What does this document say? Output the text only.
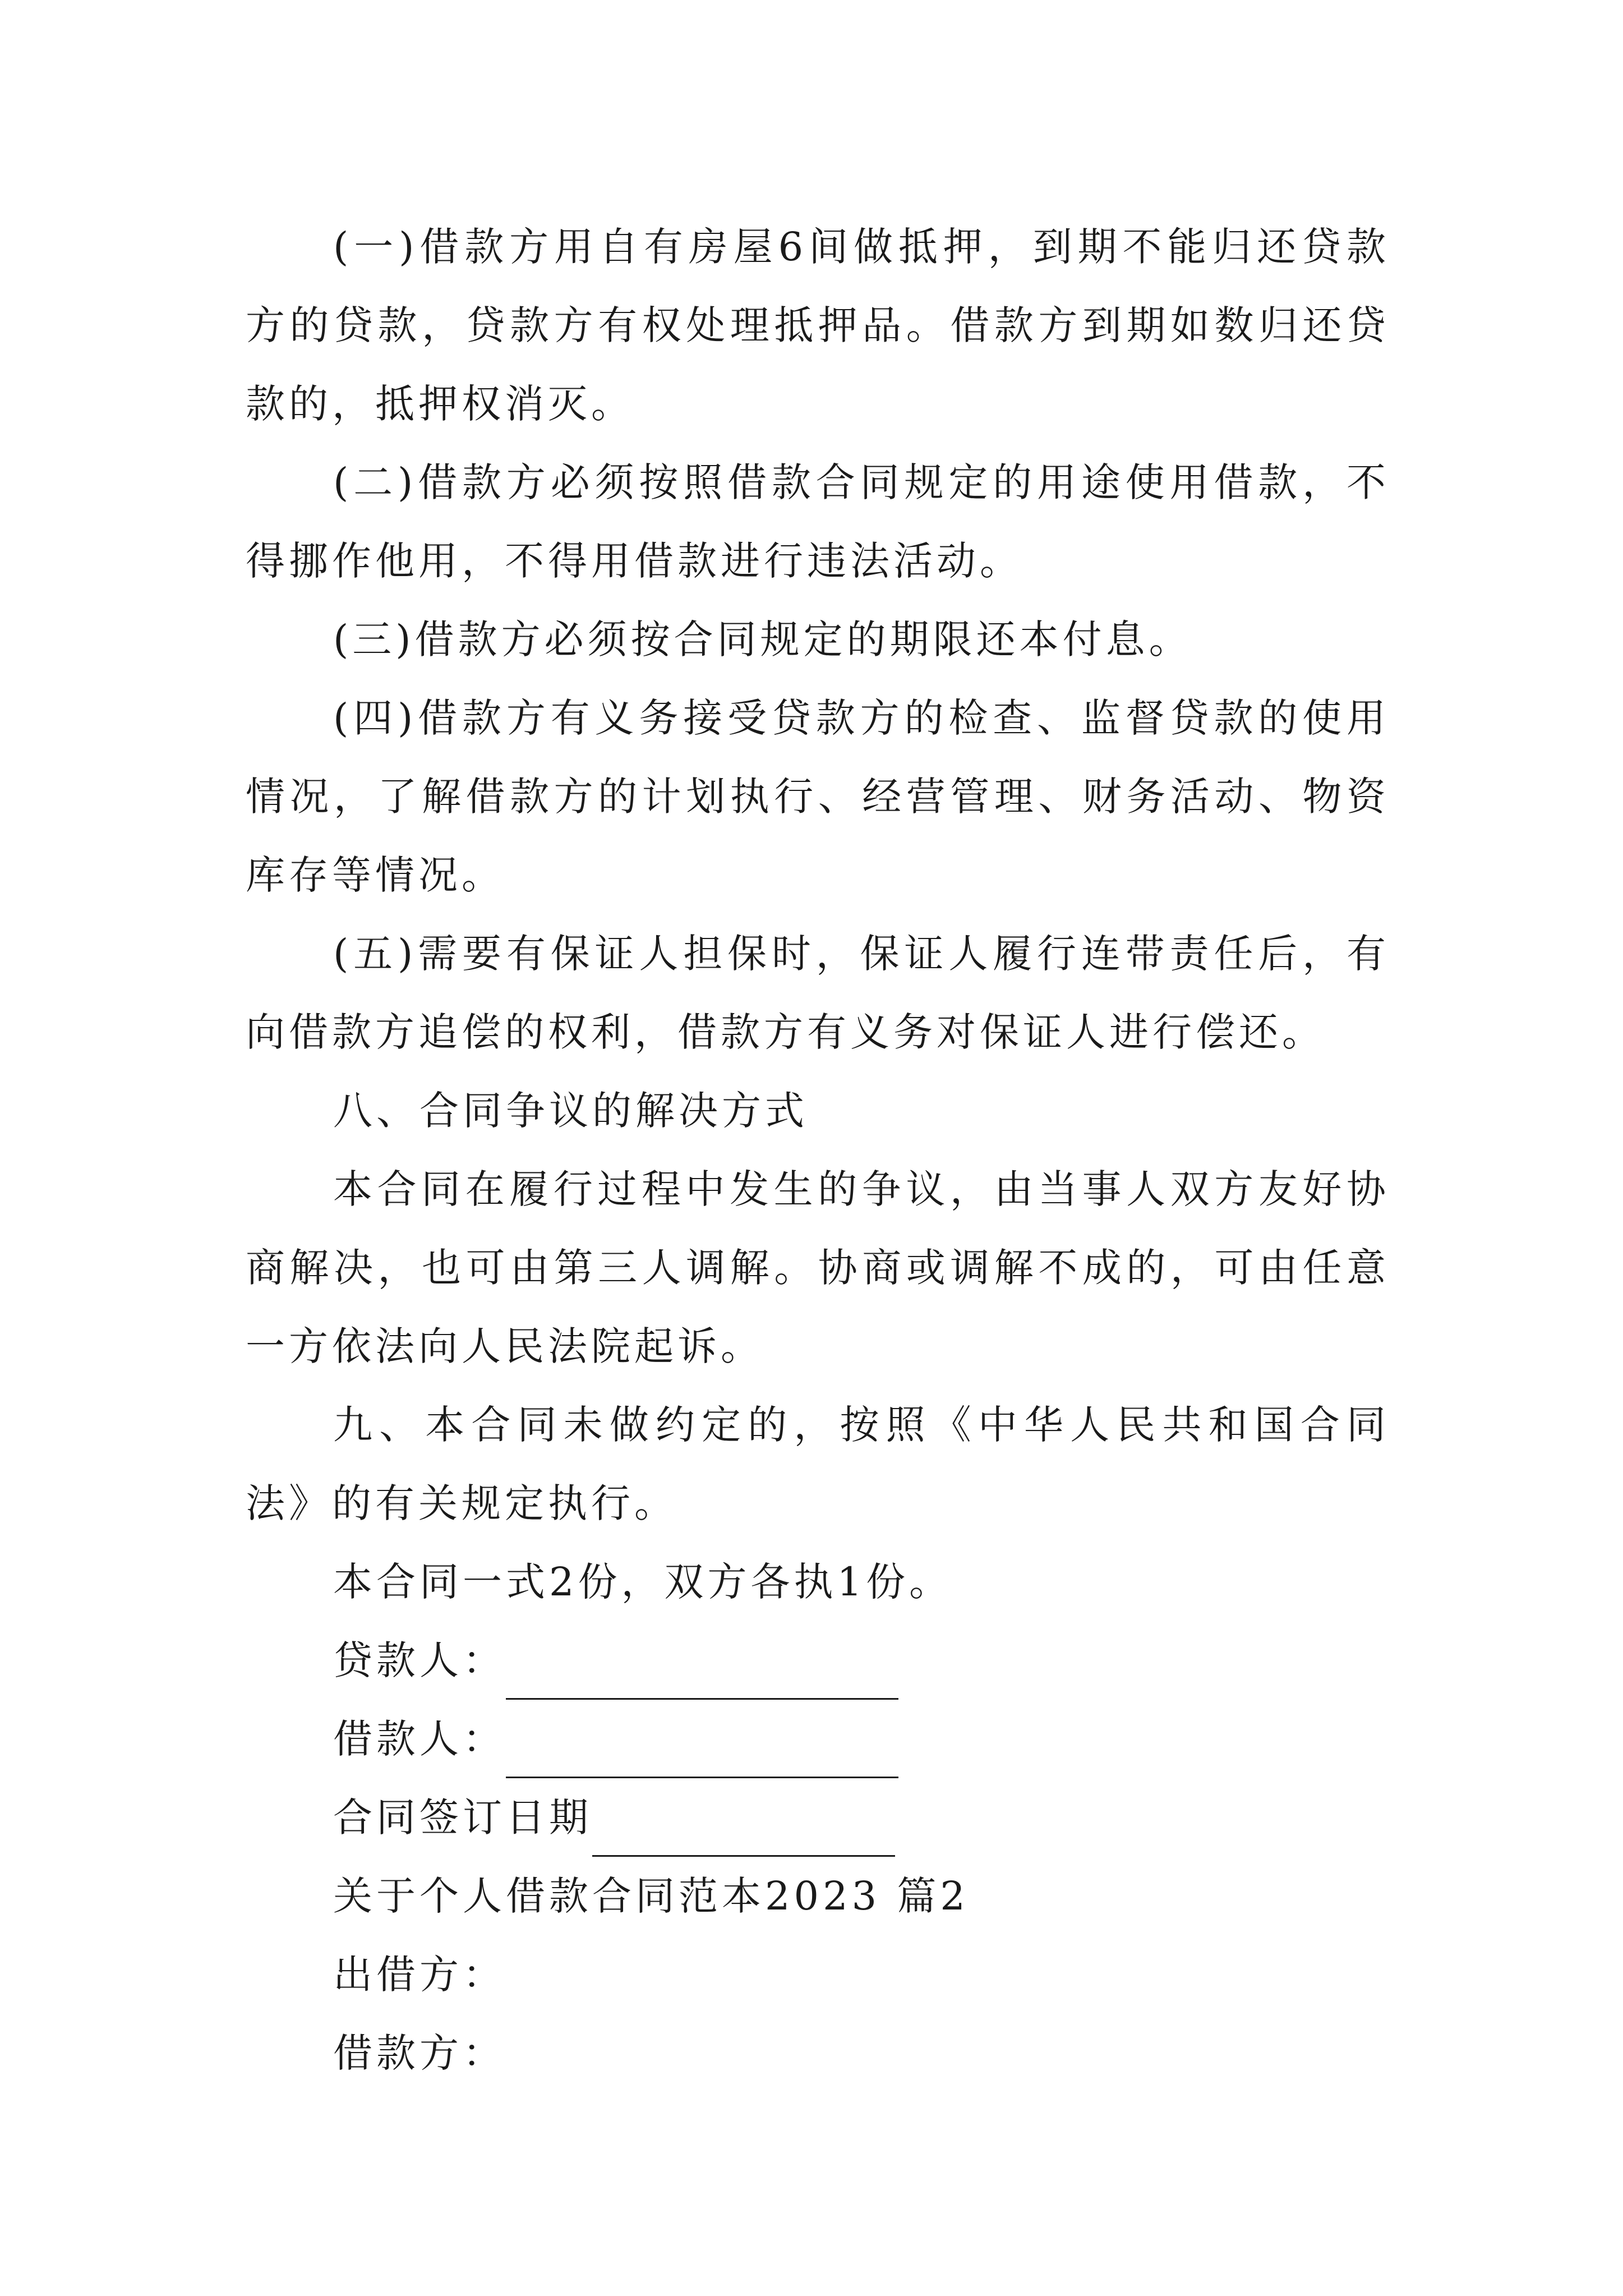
(一)借款方用自有房屋6间做抵押，到期不能归还贷款方的贷款，贷款方有权处理抵押品。借款方到期如数归还贷款的，抵押权消灭。

(二)借款方必须按照借款合同规定的用途使用借款，不得挪作他用，不得用借款进行违法活动。

(三)借款方必须按合同规定的期限还本付息。

(四)借款方有义务接受贷款方的检查、监督贷款的使用情况，了解借款方的计划执行、经营管理、财务活动、物资库存等情况。

(五)需要有保证人担保时，保证人履行连带责任后，有向借款方追偿的权利，借款方有义务对保证人进行偿还。

八、合同争议的解决方式

本合同在履行过程中发生的争议，由当事人双方友好协商解决，也可由第三人调解。协商或调解不成的，可由任意一方依法向人民法院起诉。

九、本合同未做约定的，按照《中华人民共和国合同法》的有关规定执行。

本合同一式2份，双方各执1份。

贷款人：

借款人：

合同签订日期

关于个人借款合同范本2023 篇2

出借方：

借款方：
